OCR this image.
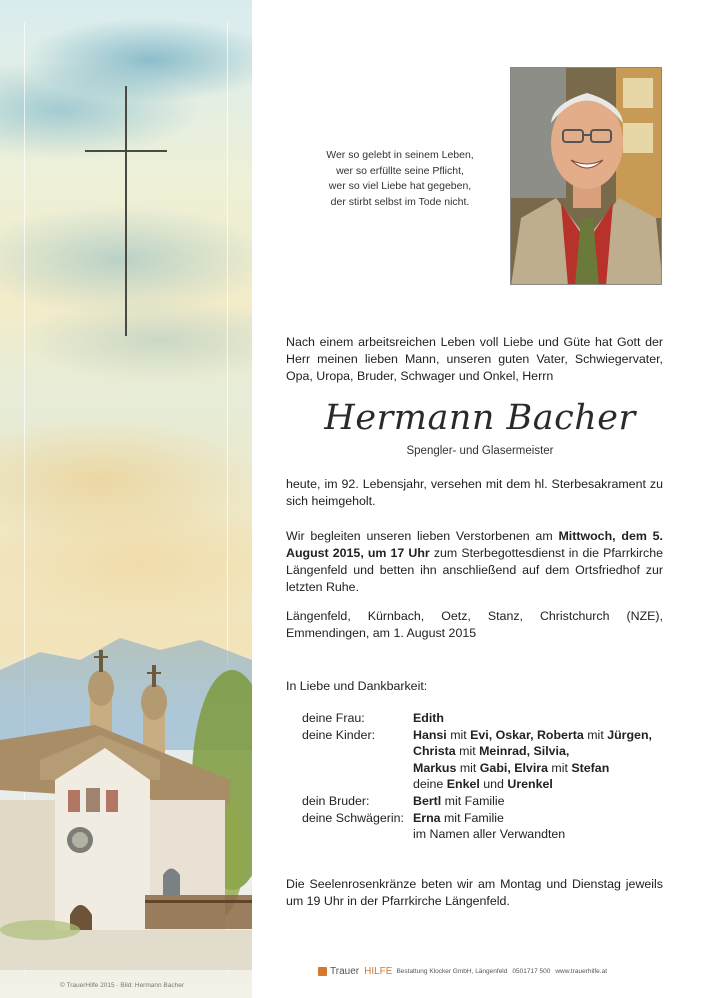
© TrauerHilfe 2015 · Bild: Hermann Bacher
Wer so gelebt in seinem Leben,
wer so erfüllte seine Pflicht,
wer so viel Liebe hat gegeben,
der stirbt selbst im Tode nicht.
Nach einem arbeitsreichen Leben voll Liebe und Güte hat Gott der Herr meinen lieben Mann, unseren guten Vater, Schwiegervater, Opa, Uropa, Bruder, Schwager und Onkel, Herrn
Hermann Bacher
Spengler- und Glasermeister
heute, im 92. Lebensjahr, versehen mit dem hl. Sterbesakrament zu sich heimgeholt.
Wir begleiten unseren lieben Verstorbenen am Mittwoch, dem 5. August 2015, um 17 Uhr zum Sterbegottesdienst in die Pfarrkirche Längenfeld und betten ihn anschließend auf dem Ortsfriedhof zur letzten Ruhe.
Längenfeld, Kürnbach, Oetz, Stanz, Christchurch (NZE), Emmendingen, am 1. August 2015
In Liebe und Dankbarkeit:
deine Frau:	Edith
deine Kinder:	Hansi mit Evi, Oskar, Roberta mit Jürgen,
Christa mit Meinrad, Silvia,
Markus mit Gabi, Elvira mit Stefan
deine Enkel und Urenkel
dein Bruder:	Bertl mit Familie
deine Schwägerin: Erna mit Familie
im Namen aller Verwandten
Die Seelenrosenkränze beten wir am Montag und Dienstag jeweils um 19 Uhr in der Pfarrkirche Längenfeld.
Trauer HILFE Bestattung Klocker GmbH, Längenfeld 0501717 500 www.trauerhilfe.at
